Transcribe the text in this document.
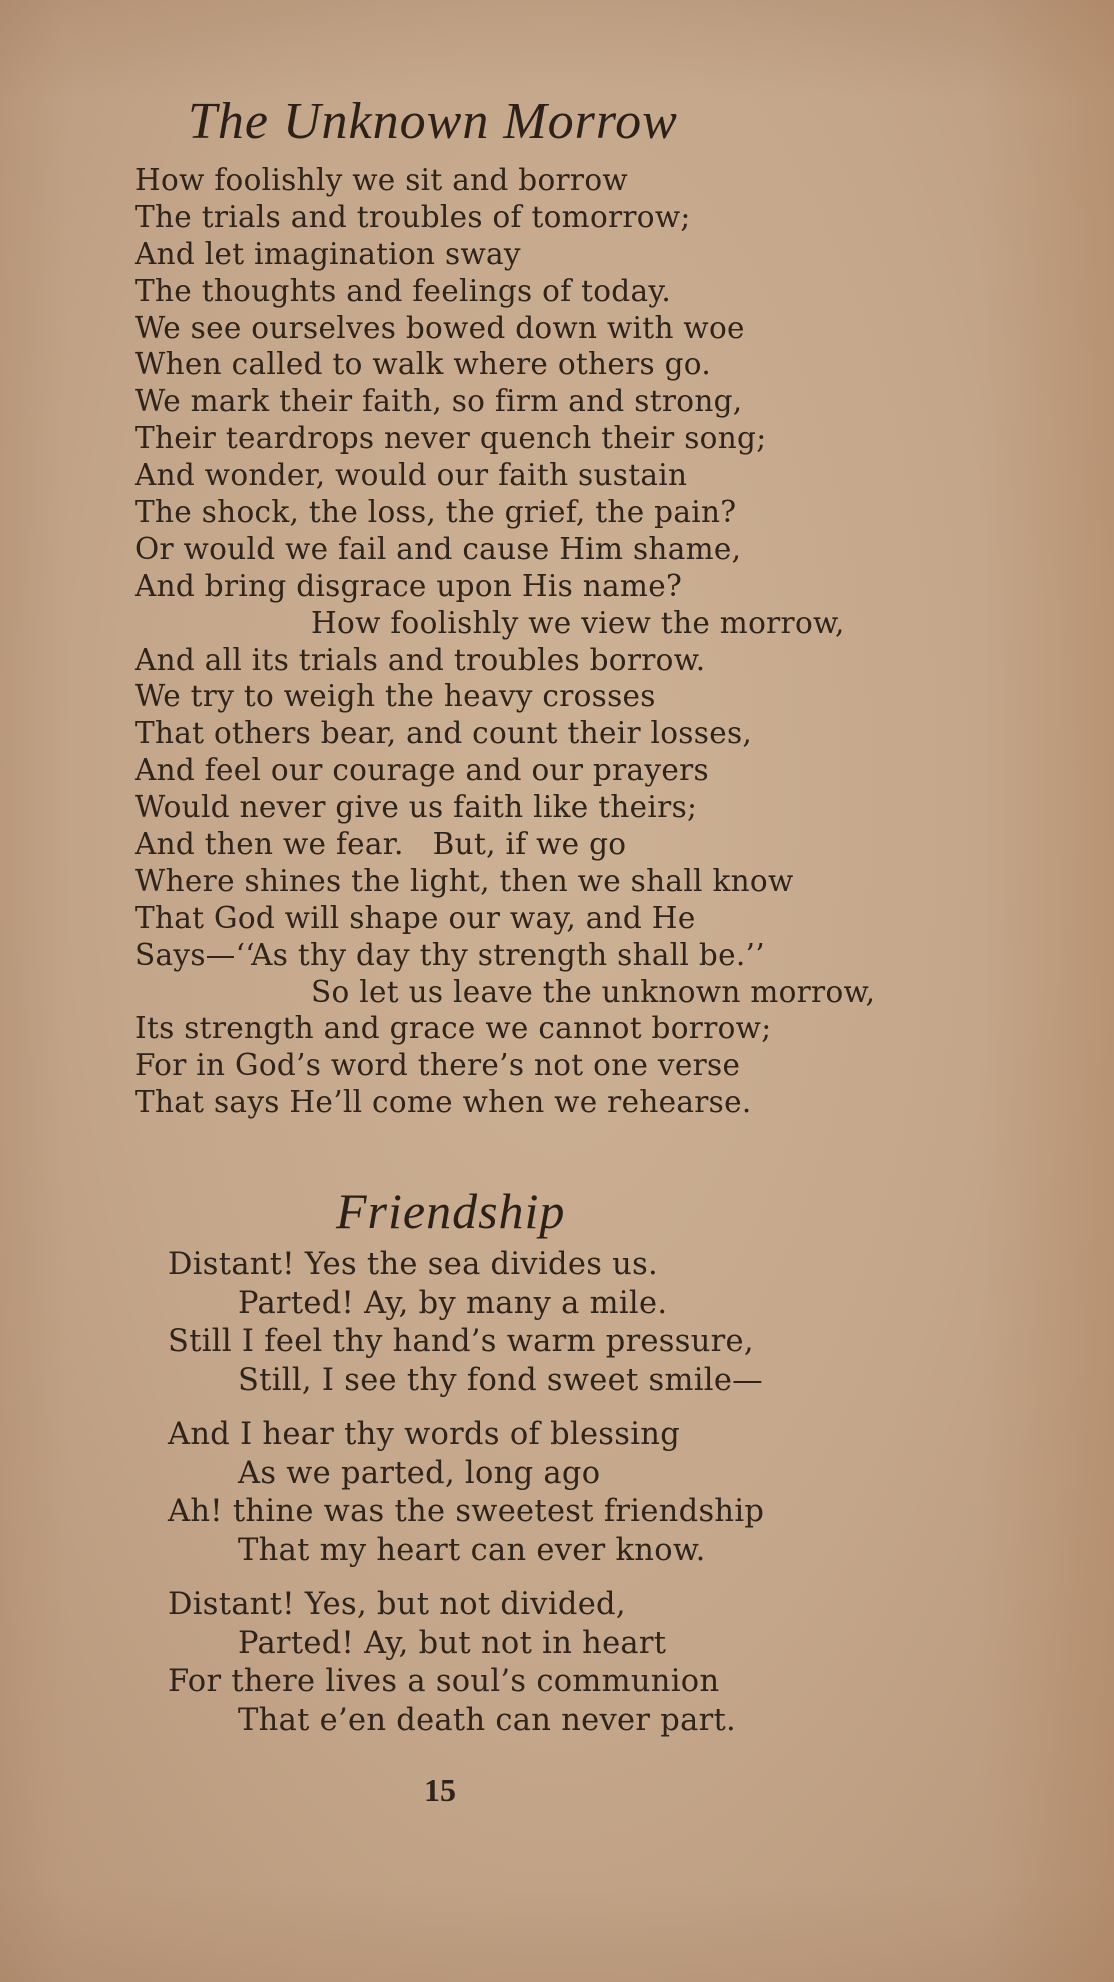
The Unknown Morrow
How foolishly we sit and borrow
The trials and troubles of tomorrow;
And let imagination sway
The thoughts and feelings of today.
We see ourselves bowed down with woe
When called to walk where others go.
We mark their faith, so firm and strong,
Their teardrops never quench their song;
And wonder, would our faith sustain
The shock, the loss, the grief, the pain?
Or would we fail and cause Him shame,
And bring disgrace upon His name?
How foolishly we view the morrow,
And all its trials and troubles borrow.
We try to weigh the heavy crosses
That others bear, and count their losses,
And feel our courage and our prayers
Would never give us faith like theirs;
And then we fear.   But, if we go
Where shines the light, then we shall know
That God will shape our way, and He
Says—‘‘As thy day thy strength shall be.’’
So let us leave the unknown morrow,
Its strength and grace we cannot borrow;
For in God’s word there’s not one verse
That says He’ll come when we rehearse.
Friendship
Distant! Yes the sea divides us.
Parted! Ay, by many a mile.
Still I feel thy hand’s warm pressure,
Still, I see thy fond sweet smile—
And I hear thy words of blessing
As we parted, long ago
Ah! thine was the sweetest friendship
That my heart can ever know.
Distant! Yes, but not divided,
Parted! Ay, but not in heart
For there lives a soul’s communion
That e’en death can never part.
15
